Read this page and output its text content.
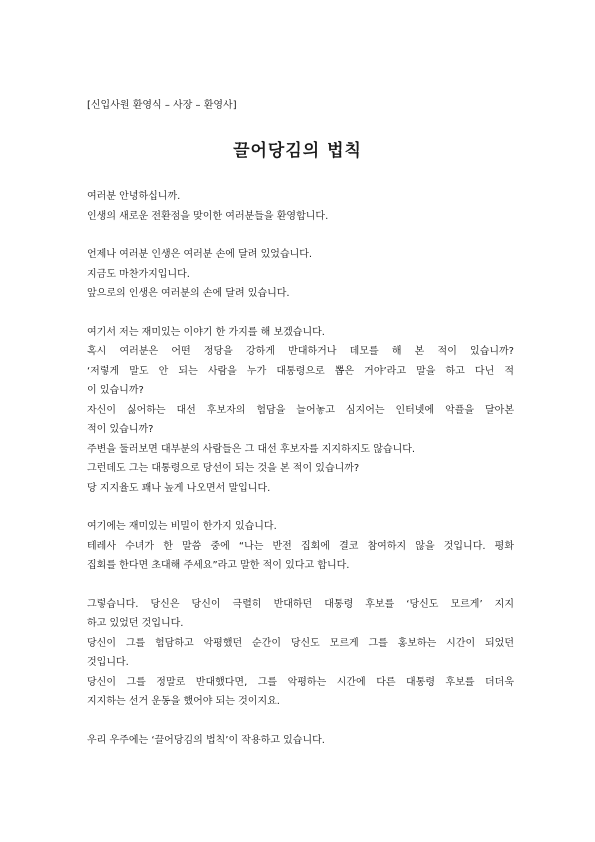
[신입사원 환영식 – 사장 – 환영사]
끌어당김의 법칙
여러분 안녕하십니까.
인생의 새로운 전환점을 맞이한 여러분들을 환영합니다.
언제나 여러분 인생은 여러분 손에 달려 있었습니다.
지금도 마찬가지입니다.
앞으로의 인생은 여러분의 손에 달려 있습니다.
여기서 저는 재미있는 이야기 한 가지를 해 보겠습니다.
혹시 여러분은 어떤 정당을 강하게 반대하거나 데모를 해 본 적이 있습니까?
‘저렇게 말도 안 되는 사람을 누가 대통령으로 뽑은 거야’라고 말을 하고 다닌 적
이 있습니까?
자신이 싫어하는 대선 후보자의 험담을 늘어놓고 심지어는 인터넷에 악플을 달아본
적이 있습니까?
주변을 둘러보면 대부분의 사람들은 그 대선 후보자를 지지하지도 않습니다.
그런데도 그는 대통령으로 당선이 되는 것을 본 적이 있습니까?
당 지지율도 꽤나 높게 나오면서 말입니다.
여기에는 재미있는 비밀이 한가지 있습니다.
테레사 수녀가 한 말씀 중에 “나는 반전 집회에 결코 참여하지 않을 것입니다. 평화
집회를 한다면 초대해 주세요”라고 말한 적이 있다고 합니다.
그렇습니다. 당신은 당신이 극렬히 반대하던 대통령 후보를 ‘당신도 모르게’ 지지
하고 있었던 것입니다.
당신이 그를 험담하고 악평했던 순간이 당신도 모르게 그를 홍보하는 시간이 되었던
것입니다.
당신이 그를 정말로 반대했다면, 그를 악평하는 시간에 다른 대통령 후보를 더더욱
지지하는 선거 운동을 했어야 되는 것이지요.
우리 우주에는 ‘끌어당김의 법칙’이 작용하고 있습니다.
